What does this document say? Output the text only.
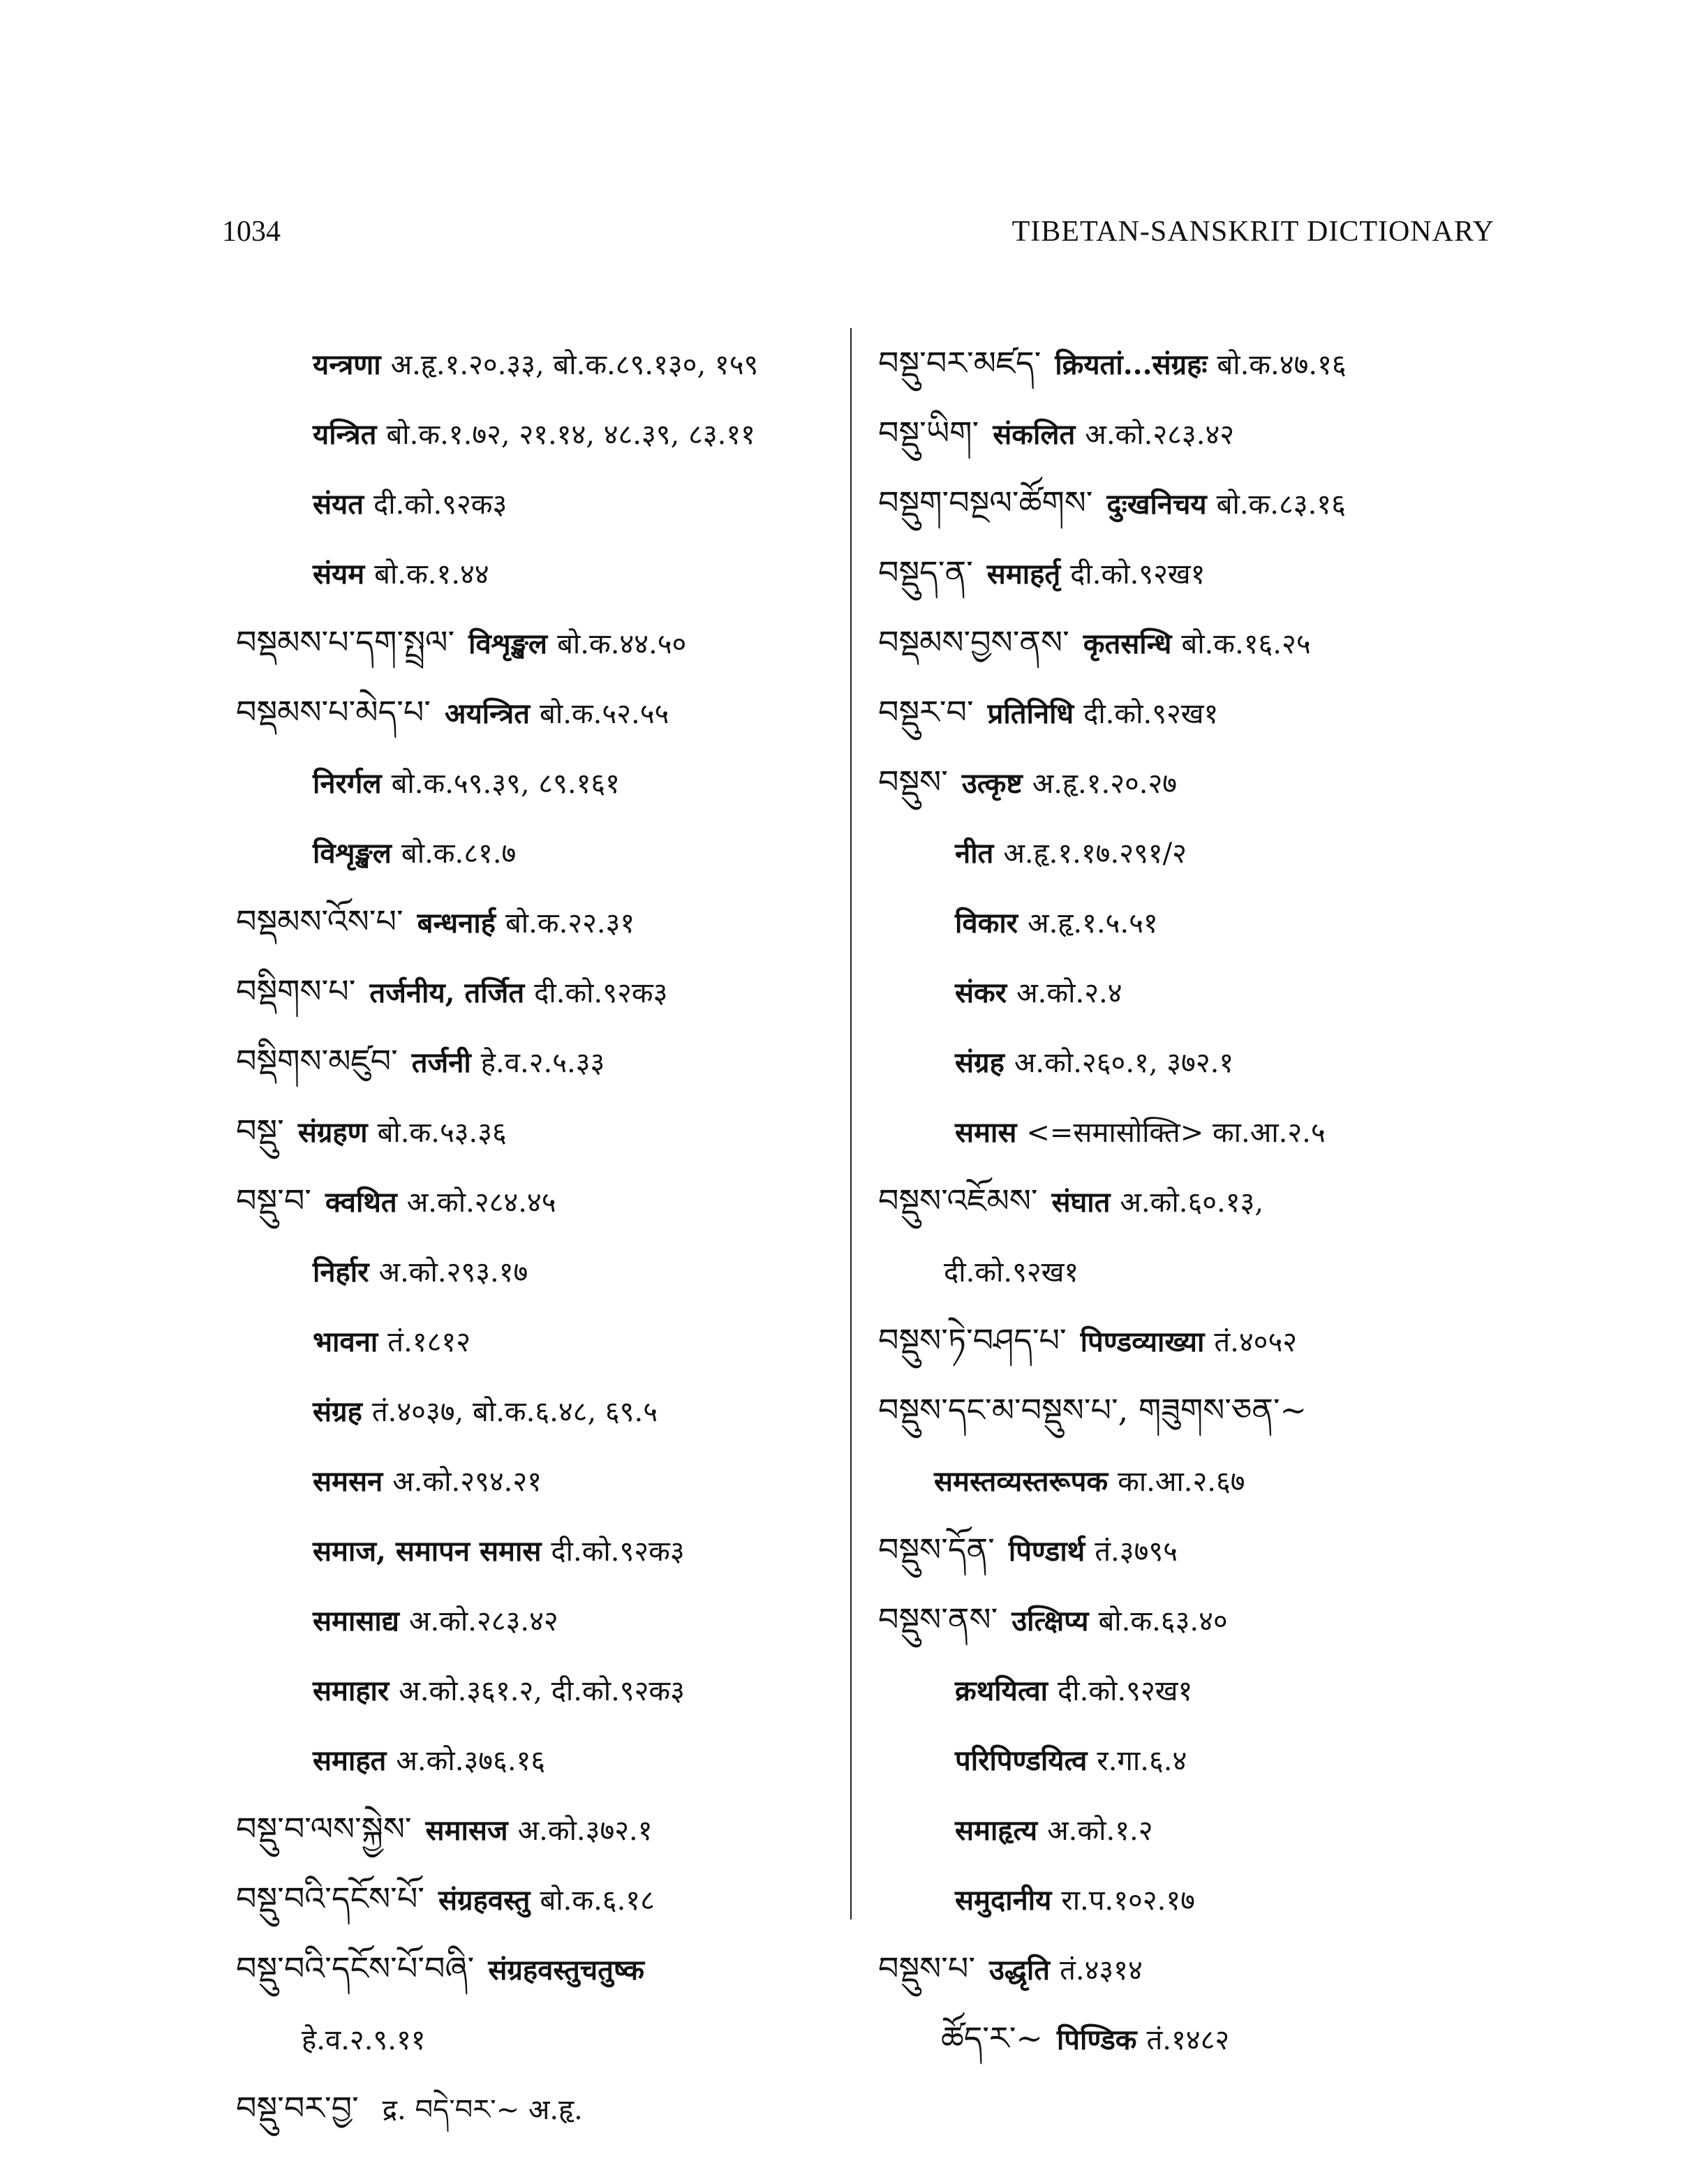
1034	TIBETAN-SANSKRIT DICTIONARY
यन्त्रणा अ.हृ.१.२०.३३, बो.क.८९.१३०, १५९
यन्त्रित बो.क.१.७२, २१.१४, ४८.३९, ८३.११
संयत दी.को.९२क३
संयम बो.क.१.४४
བསྡམས་པ་དག་སྤྲལ་ विशृङ्खल बो.क.४४.५०
བསྡམས་པ་མེད་པ་ अयन्त्रित बो.क.५२.५५
निरर्गल बो.क.५९.३९, ८९.१६१
विशृङ्खल बो.क.८१.७
བསྡམས་འོས་པ་ बन्धनार्ह बो.क.२२.३१
བསྡིགས་པ་ तर्जनीय, तर्जित दी.को.९२क३
བསྡིགས་མཛུབ་ तर्जनी हे.व.२.५.३३
བསྡུ་ संग्रहण बो.क.५३.३६
བསྡུ་བ་ क्वथित अ.को.२८४.४५
निर्हार अ.को.२९३.१७
भावना तं.१८१२
संग्रह तं.४०३७, बो.क.६.४८, ६९.५
समसन अ.को.२९४.२१
समाज, समापन समास दी.को.९२क३
समासाद्य अ.को.२८३.४२
समाहार अ.को.३६१.२, दी.को.९२क३
समाहत अ.को.३७६.१६
བསྡུ་བ་ལས་སྐྱེས་ समासज अ.को.३७२.१
བསྡུ་བའི་དངོས་པོ་ संग्रहवस्तु बो.क.६.१८
བསྡུ་བའི་དངོས་པོ་བཞི་ संग्रहवस्तुचतुष्क
हे.व.२.९.११
བསྡུ་བར་བྱ་ द्र. བདེ་བར་~ अ.हृ.
བསྡུ་བར་མཛད་ क्रियतां...संग्रहः बो.क.४७.१६
བསྡུ་ཡིག་ संकलित अ.को.२८३.४२
བསྡུག་བསྔལ་ཚོགས་ दुःखनिचय बो.क.८३.१६
བསྡུད་ན་ समाहर्तृ दी.को.९२ख१
བསྡམས་བྱས་ནས་ कृतसन्धि बो.क.१६.२५
བསྡུར་བ་ प्रतिनिधि दी.को.९२ख१
བསྡུས་ उत्कृष्ट अ.हृ.१.२०.२७
नीत अ.हृ.१.१७.२९१/२
विकार अ.हृ.१.५.५१
संकर अ.को.२.४
संग्रह अ.को.२६०.१, ३७२.१
समास <=समासोक्ति> का.आ.२.५
བསྡུས་འཇོམས་ संघात अ.को.६०.१३,
दी.को.९२ख१
བསྡུས་ཏེ་བཤད་པ་ पिण्डव्याख्या तं.४०५२
བསྡུས་དང་མ་བསྡུས་པ་, གཟུགས་ཅན་~
समस्तव्यस्तरूपक का.आ.२.६७
བསྡུས་དོན་ पिण्डार्थ तं.३७९५
བསྡུས་ནས་ उत्क्षिप्य बो.क.६३.४०
क्रथयित्वा दी.को.९२ख१
परिपिण्डयित्व र.गा.६.४
समाहृत्य अ.को.१.२
समुदानीय रा.प.१०२.१७
བསྡུས་པ་ उद्धृति तं.४३१४
ཚོད་ར་~ पिण्डिक तं.१४८२
